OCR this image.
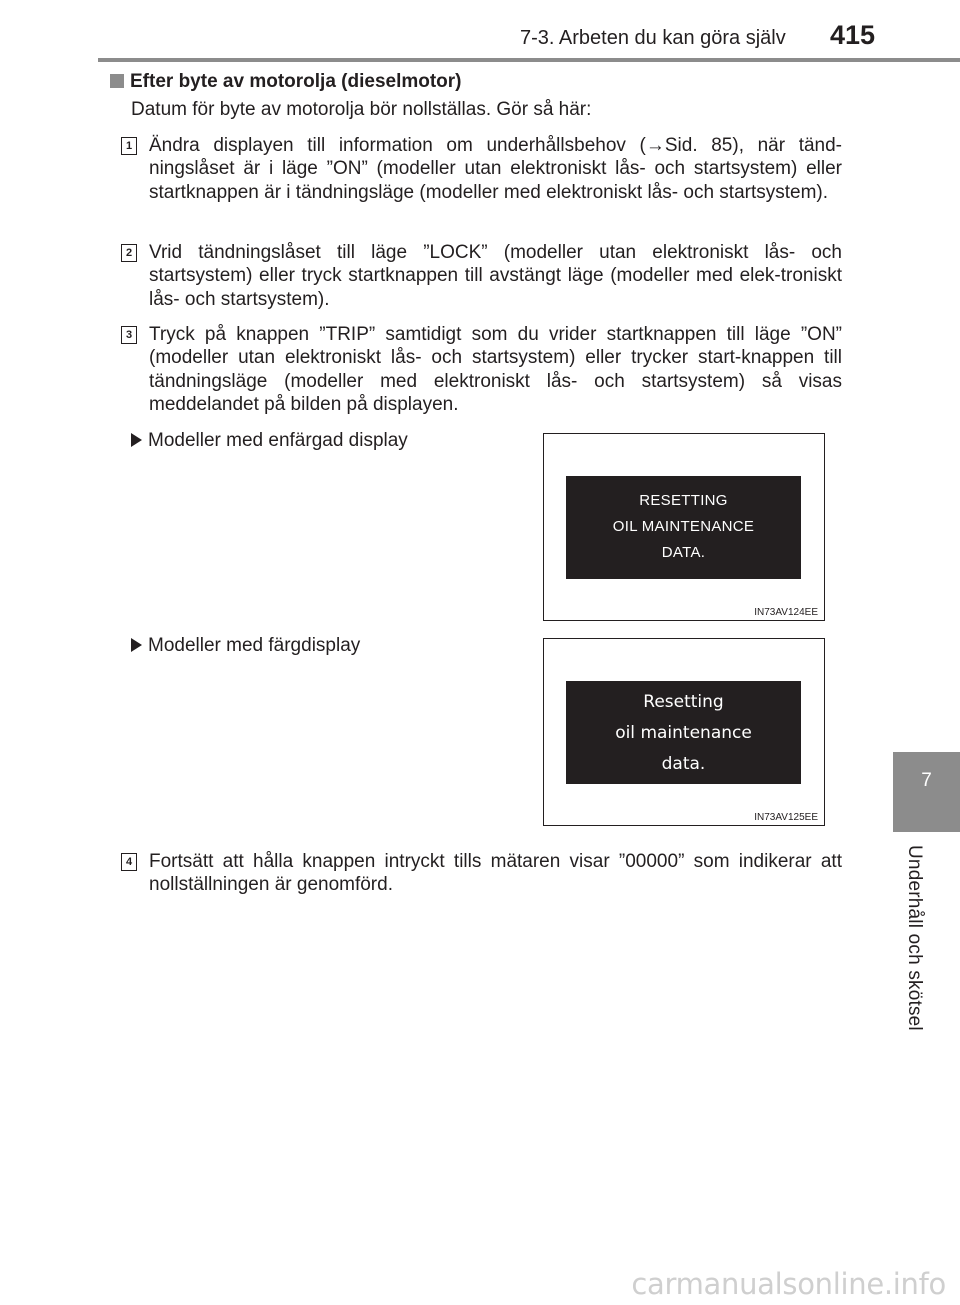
7-3. Arbeten du kan göra själv 415
7
Underhåll och skötsel
Efter byte av motorolja (dieselmotor)
Datum för byte av motorolja bör nollställas. Gör så här:
1 Ändra displayen till information om underhållsbehov (→Sid. 85), när tänd-ningslåset är i läge ”ON” (modeller utan elektroniskt lås- och startsystem) eller startknappen är i tändningsläge (modeller med elektroniskt lås- och startsystem).
2 Vrid tändningslåset till läge ”LOCK” (modeller utan elektroniskt lås- och startsystem) eller tryck startknappen till avstängt läge (modeller med elek-troniskt lås- och startsystem).
3 Tryck på knappen ”TRIP” samtidigt som du vrider startknappen till läge ”ON” (modeller utan elektroniskt lås- och startsystem) eller trycker start-knappen till tändningsläge (modeller med elektroniskt lås- och startsystem) så visas meddelandet på bilden på displayen.
Modeller med enfärgad display
RESETTING
OIL MAINTENANCE
DATA.
IN73AV124EE
Modeller med färgdisplay
Resetting
oil maintenance
data.
IN73AV125EE
4 Fortsätt att hålla knappen intryckt tills mätaren visar ”00000” som indikerar att nollställningen är genomförd.
carmanualsonline.info
